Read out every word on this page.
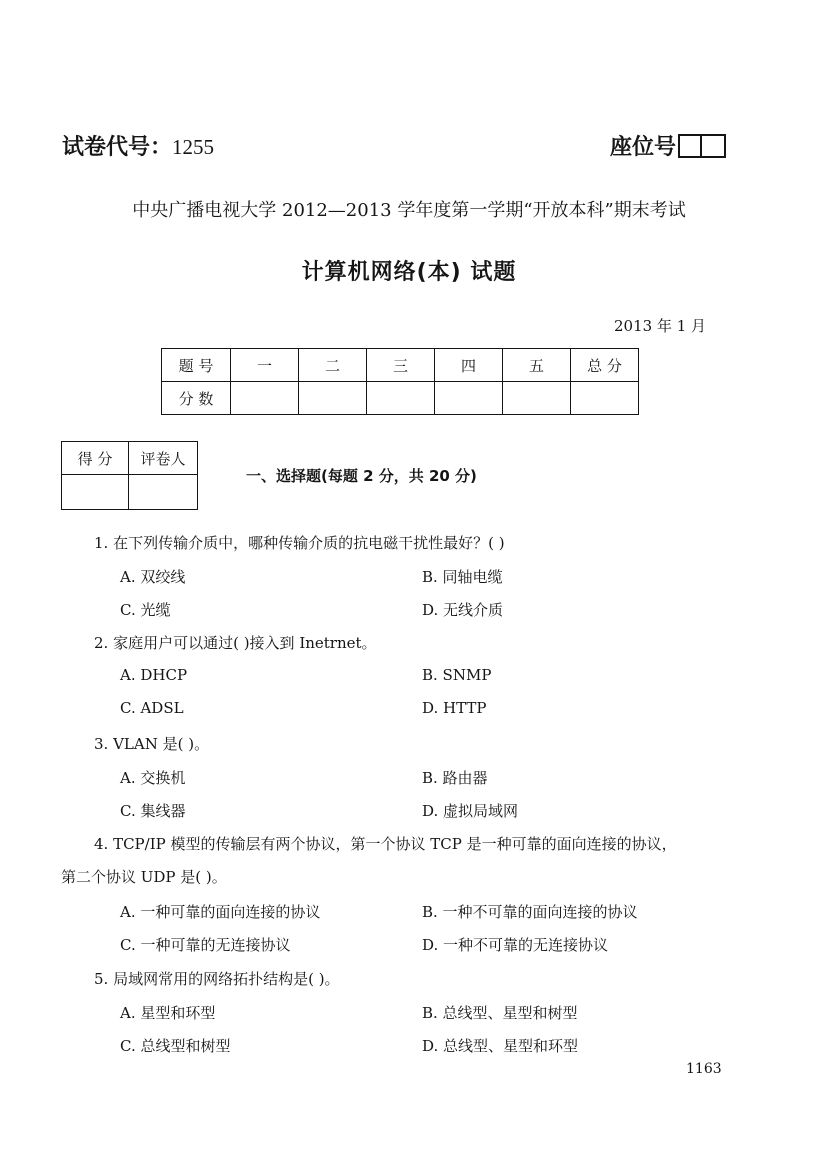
试卷代号：1255	座位号
中央广播电视大学 2012—2013 学年度第一学期“开放本科”期末考试
计算机网络(本) 试题
2013 年 1 月
题 号	一	二	三	四	五	总 分
分 数						
得 分	评卷人

一、选择题(每题 2 分，共 20 分)
1. 在下列传输介质中，哪种传输介质的抗电磁干扰性最好？( )
A. 双绞线	B. 同轴电缆
C. 光缆	D. 无线介质
2. 家庭用户可以通过( )接入到 Inetrnet。
A. DHCP	B. SNMP
C. ADSL	D. HTTP
3. VLAN 是( )。
A. 交换机	B. 路由器
C. 集线器	D. 虚拟局域网
4. TCP/IP 模型的传输层有两个协议，第一个协议 TCP 是一种可靠的面向连接的协议，
第二个协议 UDP 是( )。
A. 一种可靠的面向连接的协议	B. 一种不可靠的面向连接的协议
C. 一种可靠的无连接协议	D. 一种不可靠的无连接协议
5. 局域网常用的网络拓扑结构是( )。
A. 星型和环型	B. 总线型、星型和树型
C. 总线型和树型	D. 总线型、星型和环型
1163
